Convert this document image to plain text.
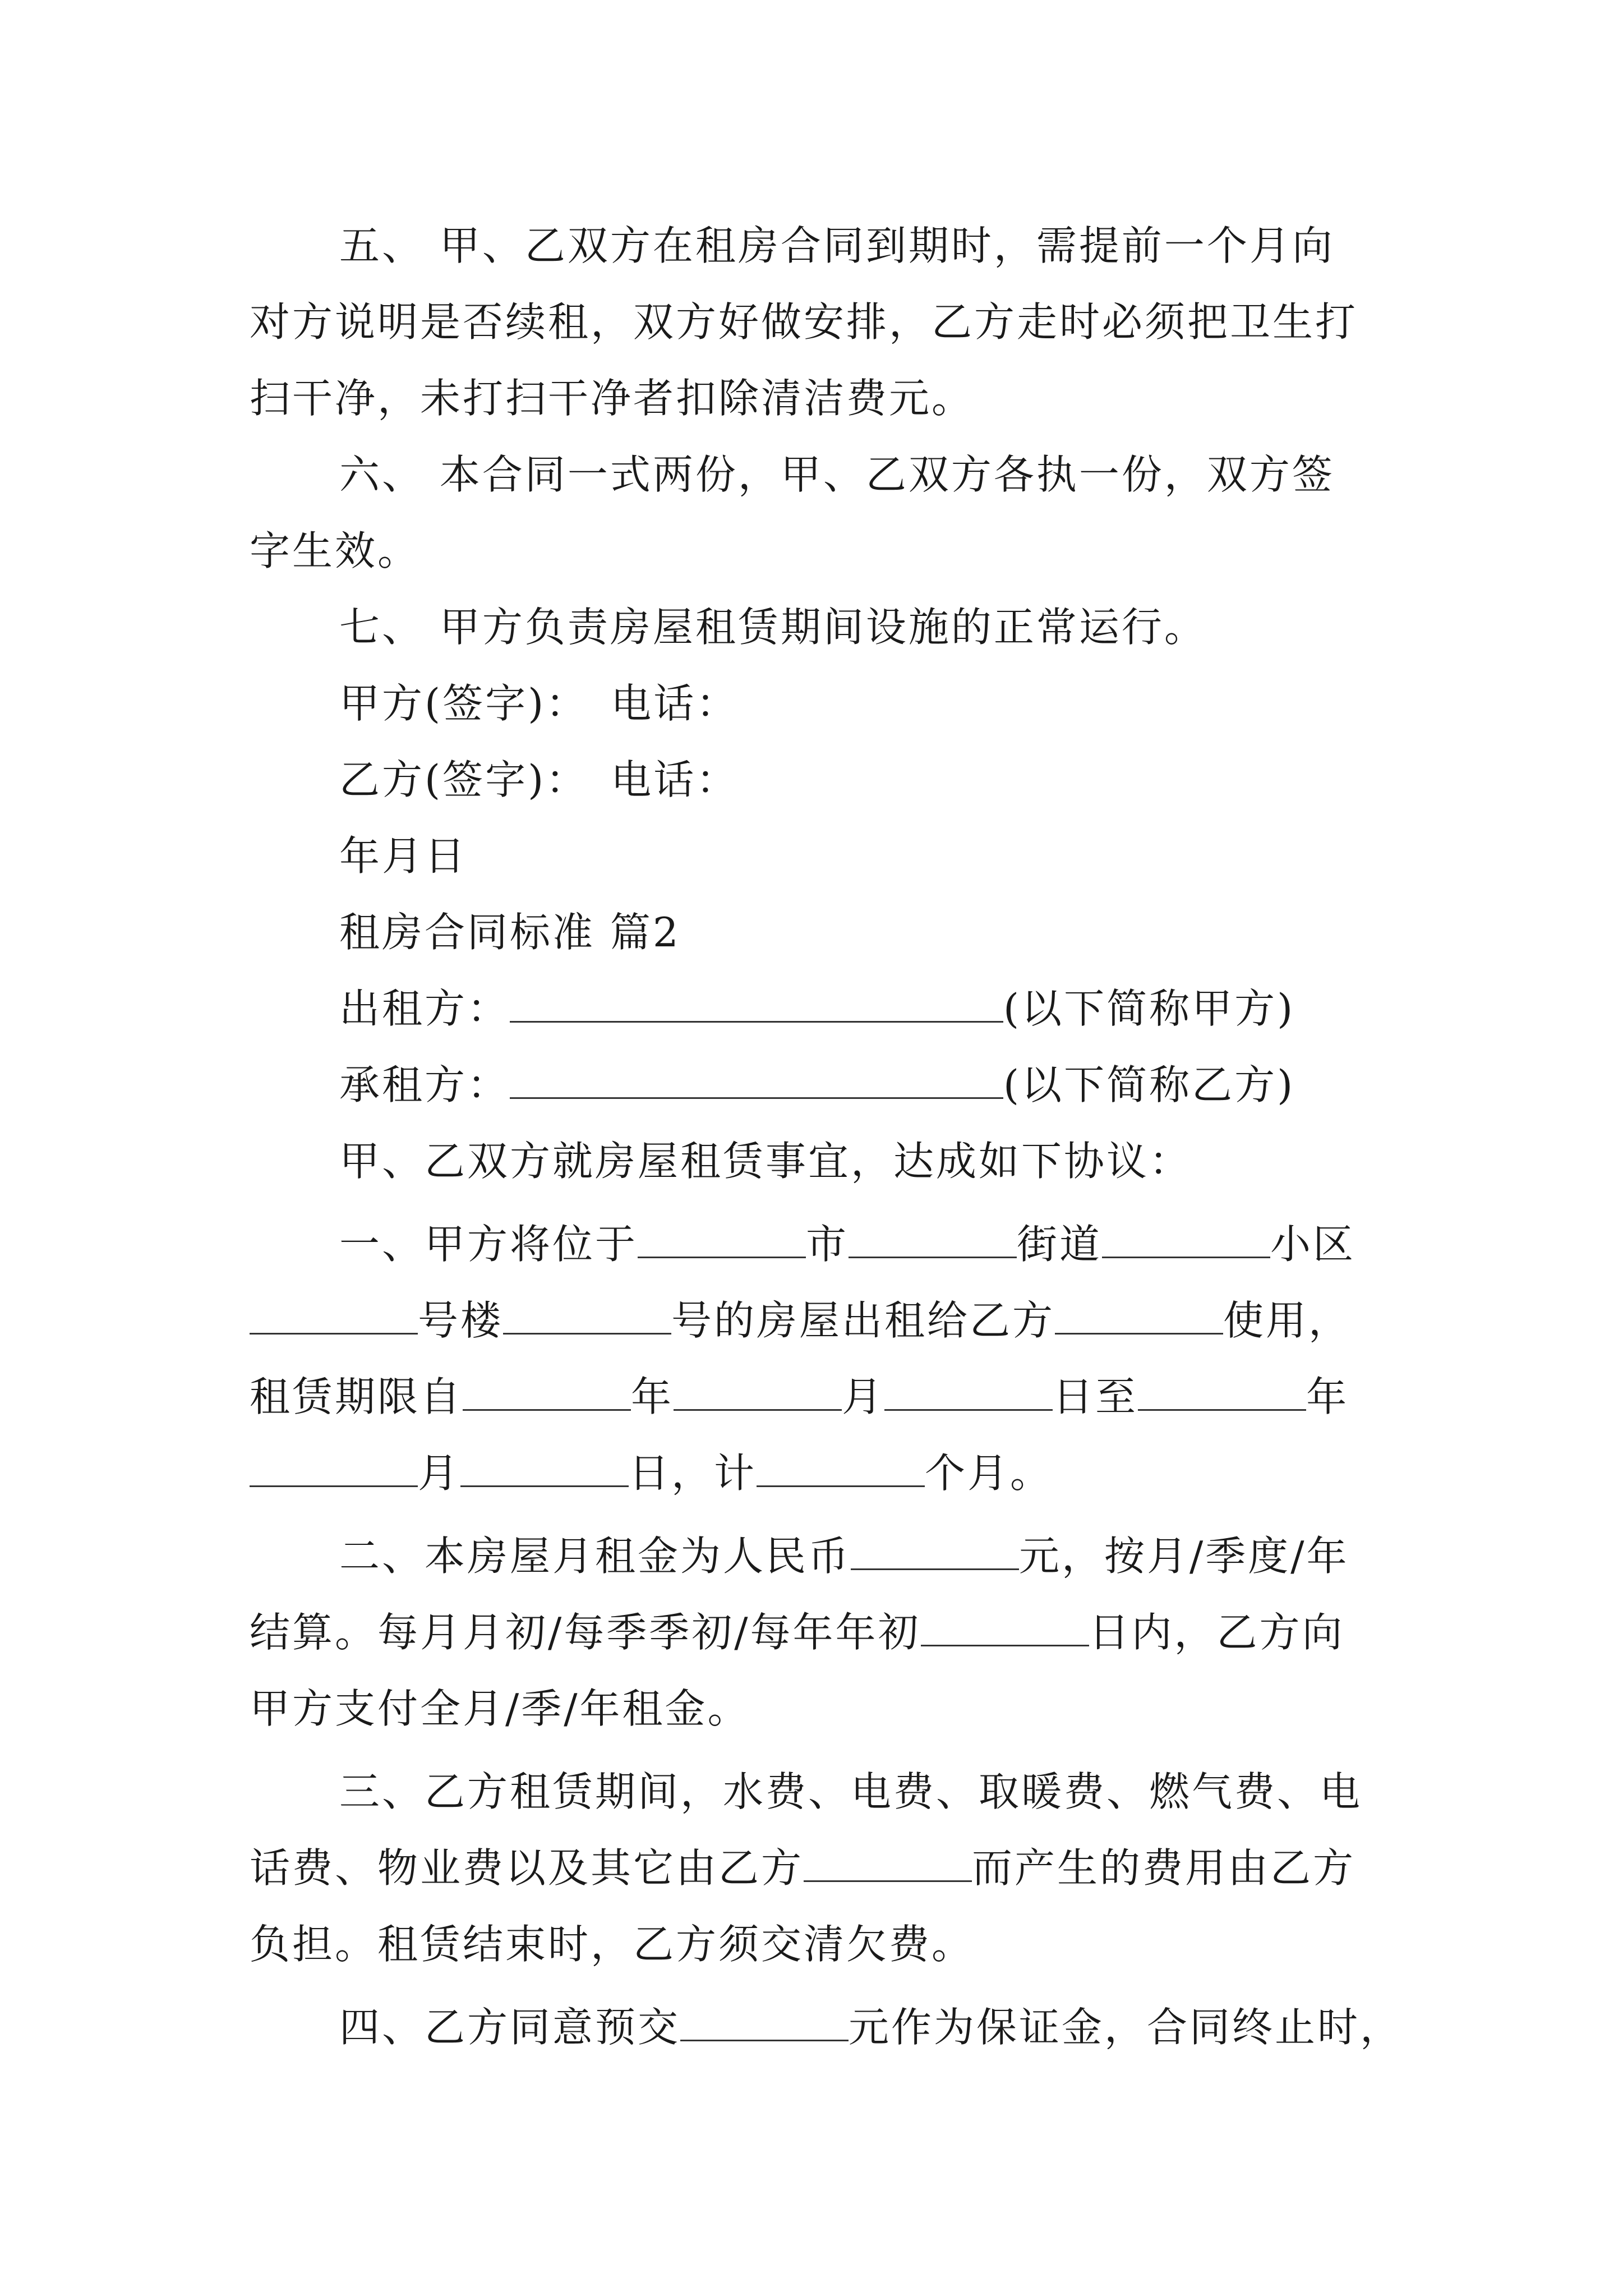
五、 甲、乙双方在租房合同到期时，需提前一个月向
对方说明是否续租，双方好做安排，乙方走时必须把卫生打
扫干净，未打扫干净者扣除清洁费元。
六、 本合同一式两份，甲、乙双方各执一份，双方签
字生效。
七、 甲方负责房屋租赁期间设施的正常运行。
甲方(签字)： 电话：
乙方(签字)： 电话：
年月日
租房合同标准 篇2
出租方：	(以下简称甲方)
承租方：	(以下简称乙方)
甲、乙双方就房屋租赁事宜，达成如下协议：
一、甲方将位于	市	街道	小区
号楼	号的房屋出租给乙方	使用，
租赁期限自	年	月	日至	年
月	日，计	个月。
二、本房屋月租金为人民币	元，按月/季度/年
结算。每月月初/每季季初/每年年初	日内，乙方向
甲方支付全月/季/年租金。
三、乙方租赁期间，水费、电费、取暖费、燃气费、电
话费、物业费以及其它由乙方	而产生的费用由乙方
负担。租赁结束时，乙方须交清欠费。
四、乙方同意预交	元作为保证金，合同终止时，
